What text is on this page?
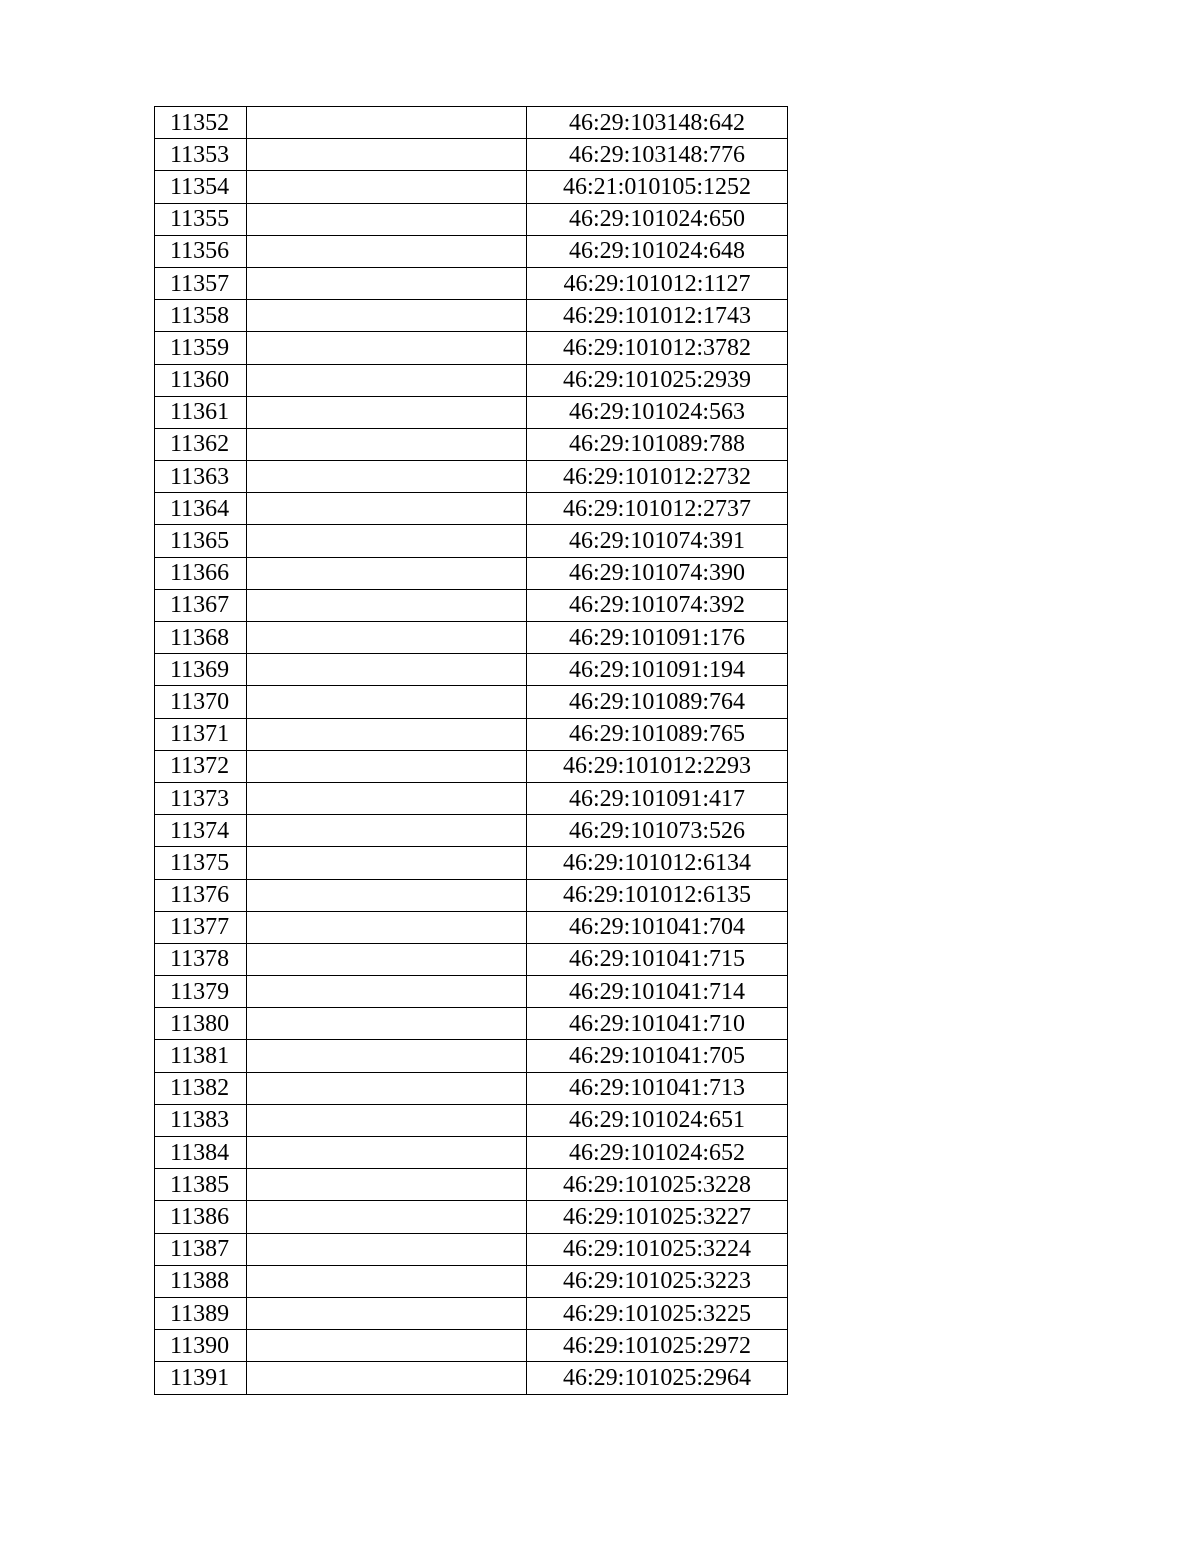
11352		46:29:103148:642
11353		46:29:103148:776
11354		46:21:010105:1252
11355		46:29:101024:650
11356		46:29:101024:648
11357		46:29:101012:1127
11358		46:29:101012:1743
11359		46:29:101012:3782
11360		46:29:101025:2939
11361		46:29:101024:563
11362		46:29:101089:788
11363		46:29:101012:2732
11364		46:29:101012:2737
11365		46:29:101074:391
11366		46:29:101074:390
11367		46:29:101074:392
11368		46:29:101091:176
11369		46:29:101091:194
11370		46:29:101089:764
11371		46:29:101089:765
11372		46:29:101012:2293
11373		46:29:101091:417
11374		46:29:101073:526
11375		46:29:101012:6134
11376		46:29:101012:6135
11377		46:29:101041:704
11378		46:29:101041:715
11379		46:29:101041:714
11380		46:29:101041:710
11381		46:29:101041:705
11382		46:29:101041:713
11383		46:29:101024:651
11384		46:29:101024:652
11385		46:29:101025:3228
11386		46:29:101025:3227
11387		46:29:101025:3224
11388		46:29:101025:3223
11389		46:29:101025:3225
11390		46:29:101025:2972
11391		46:29:101025:2964
